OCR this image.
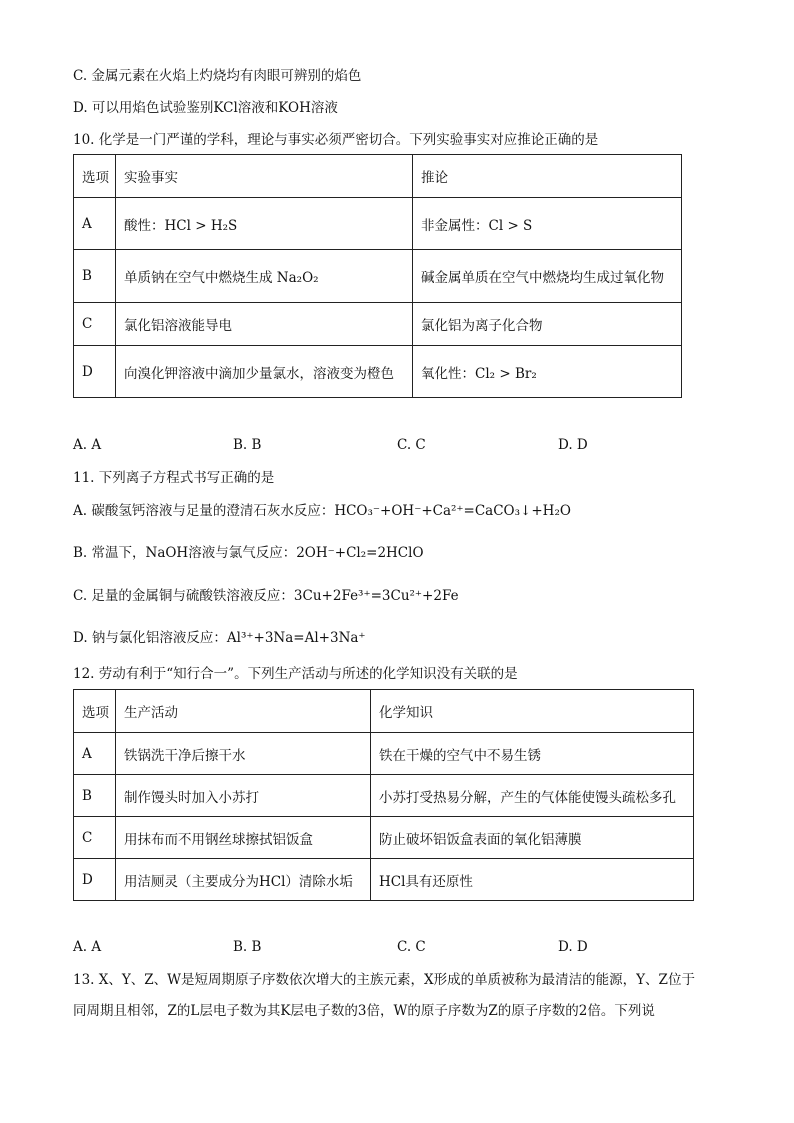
C. 金属元素在火焰上灼烧均有肉眼可辨别的焰色
D. 可以用焰色试验鉴别KCl溶液和KOH溶液
10. 化学是一门严谨的学科，理论与事实必须严密切合。下列实验事实对应推论正确的是
选项	实验事实	推论
A	酸性：HCl > H₂S	非金属性：Cl > S
B	单质钠在空气中燃烧生成 Na₂O₂	碱金属单质在空气中燃烧均生成过氧化物
C	氯化铝溶液能导电	氯化铝为离子化合物
D	向溴化钾溶液中滴加少量氯水，溶液变为橙色	氧化性：Cl₂ > Br₂
A. A	B. B	C. C	D. D
11. 下列离子方程式书写正确的是
A. 碳酸氢钙溶液与足量的澄清石灰水反应：HCO₃⁻+OH⁻+Ca²⁺=CaCO₃↓+H₂O
B. 常温下，NaOH溶液与氯气反应：2OH⁻+Cl₂=2HClO
C. 足量的金属铜与硫酸铁溶液反应：3Cu+2Fe³⁺=3Cu²⁺+2Fe
D. 钠与氯化铝溶液反应：Al³⁺+3Na=Al+3Na⁺
12. 劳动有利于“知行合一”。下列生产活动与所述的化学知识没有关联的是
选项	生产活动	化学知识
A	铁锅洗干净后擦干水	铁在干燥的空气中不易生锈
B	制作馒头时加入小苏打	小苏打受热易分解，产生的气体能使馒头疏松多孔
C	用抹布而不用钢丝球擦拭铝饭盒	防止破坏铝饭盒表面的氧化铝薄膜
D	用洁厕灵（主要成分为HCl）清除水垢	HCl具有还原性
A. A	B. B	C. C	D. D
13. X、Y、Z、W是短周期原子序数依次增大的主族元素，X形成的单质被称为最清洁的能源，Y、Z位于
同周期且相邻，Z的L层电子数为其K层电子数的3倍，W的原子序数为Z的原子序数的2倍。下列说
